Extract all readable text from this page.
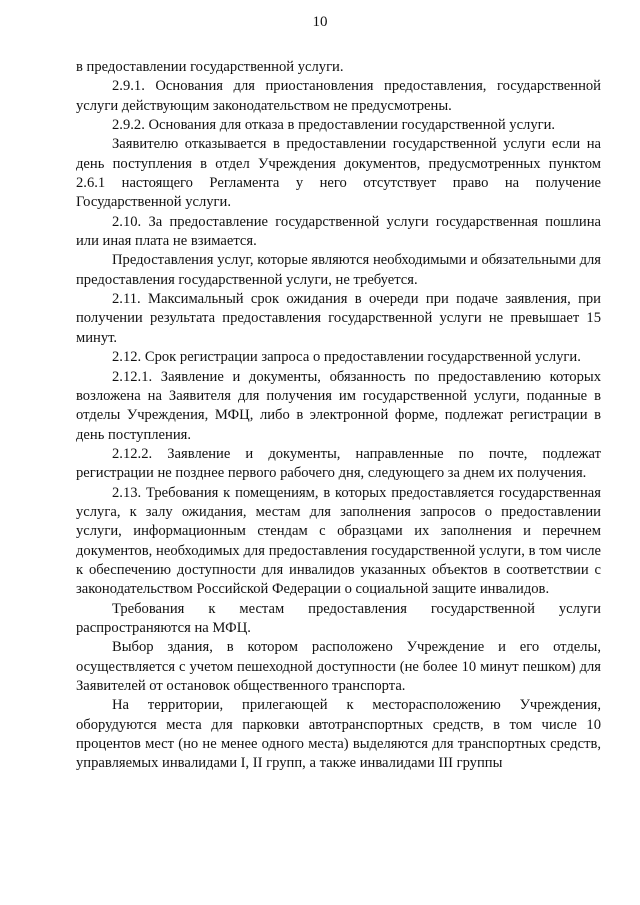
10

в предоставлении государственной услуги.

2.9.1. Основания для приостановления предоставления, государственной услуги действующим законодательством не предусмотрены.

2.9.2. Основания для отказа в предоставлении государственной услуги.

Заявителю отказывается в предоставлении государственной услуги если на день поступления в отдел Учреждения документов, предусмотренных пунктом 2.6.1 настоящего Регламента у него отсутствует право на получение Государственной услуги.

2.10. За предоставление государственной услуги государственная пошлина или иная плата не взимается.

Предоставления услуг, которые являются необходимыми и обязательными для предоставления государственной услуги, не требуется.

2.11. Максимальный срок ожидания в очереди при подаче заявления, при получении результата предоставления государственной услуги не превышает 15 минут.

2.12. Срок регистрации запроса о предоставлении государственной услуги.

2.12.1. Заявление и документы, обязанность по предоставлению которых возложена на Заявителя для получения им государственной услуги, поданные в отделы Учреждения, МФЦ, либо в электронной форме, подлежат регистрации в день поступления.

2.12.2. Заявление и документы, направленные по почте, подлежат регистрации не позднее первого рабочего дня, следующего за днем их получения.

2.13. Требования к помещениям, в которых предоставляется государственная услуга, к залу ожидания, местам для заполнения запросов о предоставлении услуги, информационным стендам с образцами их заполнения и перечнем документов, необходимых для предоставления государственной услуги, в том числе к обеспечению доступности для инвалидов указанных объектов в соответствии с законодательством Российской Федерации о социальной защите инвалидов.

Требования к местам предоставления государственной услуги распространяются на МФЦ.

Выбор здания, в котором расположено Учреждение и его отделы, осуществляется с учетом пешеходной доступности (не более 10 минут пешком) для Заявителей от остановок общественного транспорта.

На территории, прилегающей к месторасположению Учреждения, оборудуются места для парковки автотранспортных средств, в том числе 10 процентов мест (но не менее одного места) выделяются для транспортных средств, управляемых инвалидами I, II групп, а также инвалидами III группы
